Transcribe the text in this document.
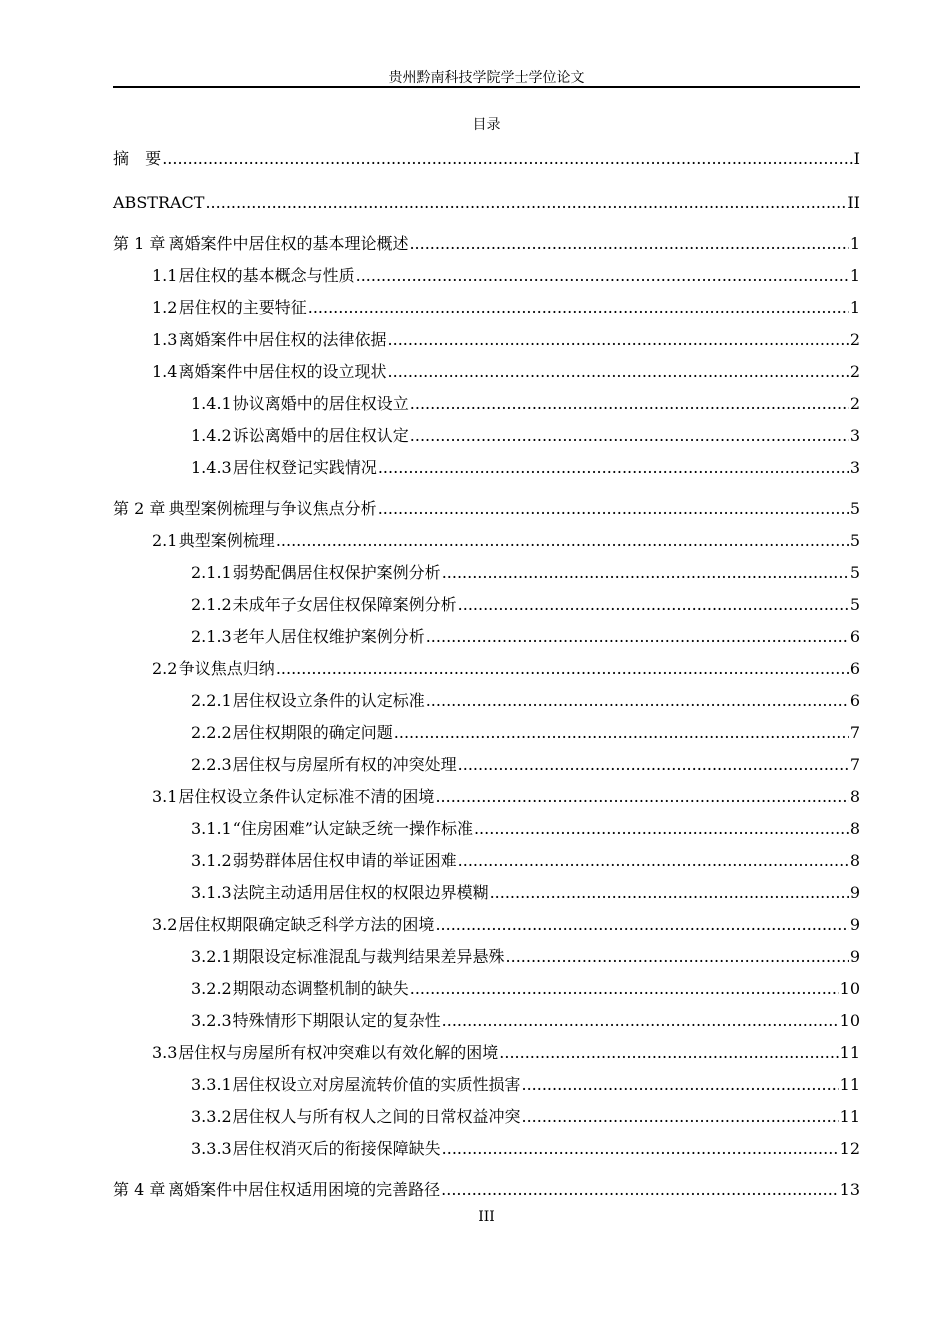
贵州黔南科技学院学士学位论文
目录
摘 要 .....	I
ABSTRACT .....	II
第 1 章 离婚案件中居住权的基本理论概述 .....	1
1.1 居住权的基本概念与性质 .....	1
1.2 居住权的主要特征 .....	1
1.3 离婚案件中居住权的法律依据 .....	2
1.4 离婚案件中居住权的设立现状 .....	2
1.4.1 协议离婚中的居住权设立 .....	2
1.4.2 诉讼离婚中的居住权认定 .....	3
1.4.3 居住权登记实践情况 .....	3
第 2 章 典型案例梳理与争议焦点分析 .....	5
2.1 典型案例梳理 .....	5
2.1.1 弱势配偶居住权保护案例分析 .....	5
2.1.2 未成年子女居住权保障案例分析 .....	5
2.1.3 老年人居住权维护案例分析 .....	6
2.2 争议焦点归纳 .....	6
2.2.1 居住权设立条件的认定标准 .....	6
2.2.2 居住权期限的确定问题 .....	7
2.2.3 居住权与房屋所有权的冲突处理 .....	7
3.1 居住权设立条件认定标准不清的困境 .....	8
3.1.1 “住房困难”认定缺乏统一操作标准 .....	8
3.1.2 弱势群体居住权申请的举证困难 .....	8
3.1.3 法院主动适用居住权的权限边界模糊 .....	9
3.2 居住权期限确定缺乏科学方法的困境 .....	9
3.2.1 期限设定标准混乱与裁判结果差异悬殊 .....	9
3.2.2 期限动态调整机制的缺失 .....	10
3.2.3 特殊情形下期限认定的复杂性 .....	10
3.3 居住权与房屋所有权冲突难以有效化解的困境 .....	11
3.3.1 居住权设立对房屋流转价值的实质性损害 .....	11
3.3.2 居住权人与所有权人之间的日常权益冲突 .....	11
3.3.3 居住权消灭后的衔接保障缺失 .....	12
第 4 章 离婚案件中居住权适用困境的完善路径 .....	13
III
